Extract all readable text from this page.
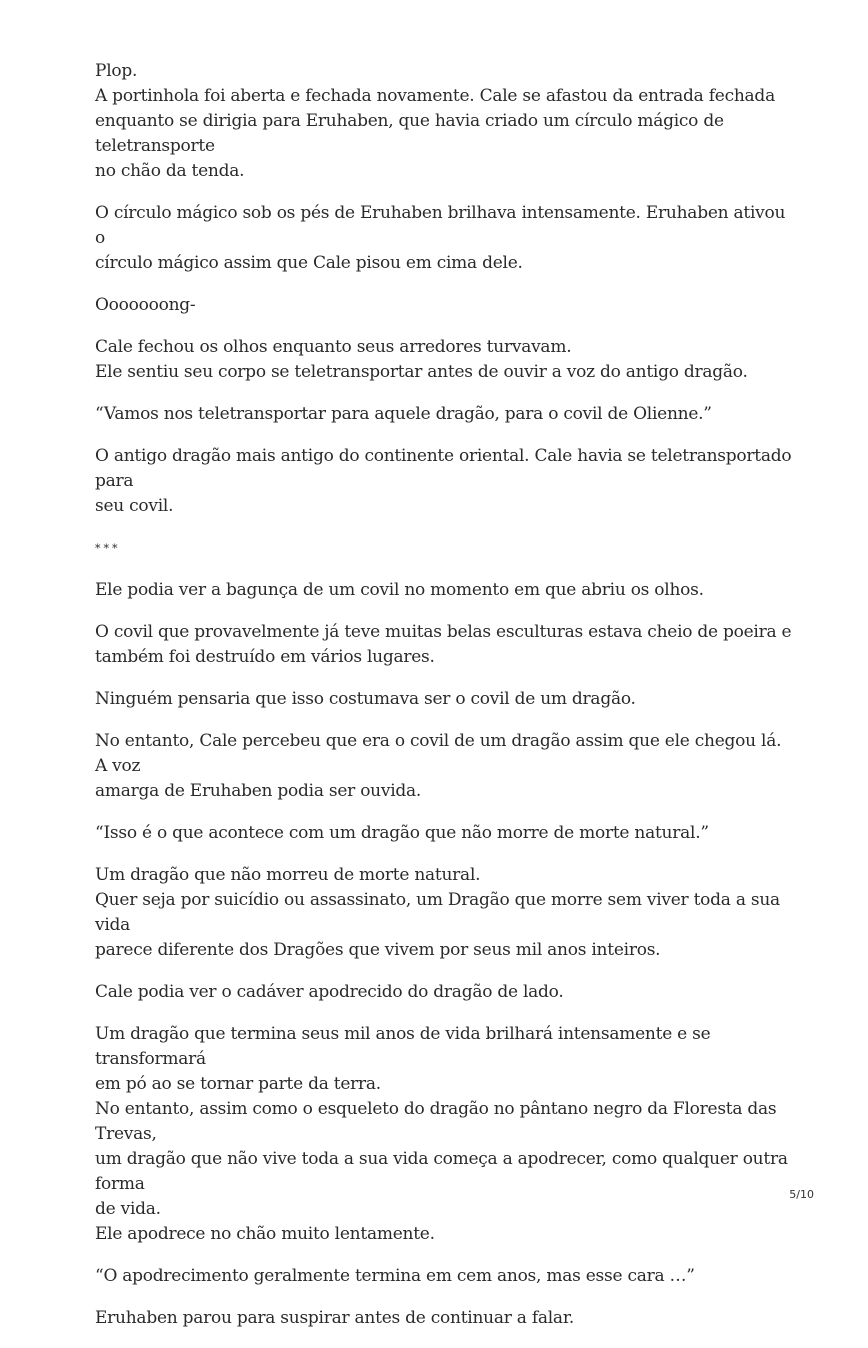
Plop.
A portinhola foi aberta e fechada novamente. Cale se afastou da entrada fechada
enquanto se dirigia para Eruhaben, que havia criado um círculo mágico de teletransporte
no chão da tenda.

O círculo mágico sob os pés de Eruhaben brilhava intensamente. Eruhaben ativou o
círculo mágico assim que Cale pisou em cima dele.

Ooooooong-

Cale fechou os olhos enquanto seus arredores turvavam.
Ele sentiu seu corpo se teletransportar antes de ouvir a voz do antigo dragão.

“Vamos nos teletransportar para aquele dragão, para o covil de Olienne.”

O antigo dragão mais antigo do continente oriental. Cale havia se teletransportado para
seu covil.

* * *

Ele podia ver a bagunça de um covil no momento em que abriu os olhos.

O covil que provavelmente já teve muitas belas esculturas estava cheio de poeira e
também foi destruído em vários lugares.

Ninguém pensaria que isso costumava ser o covil de um dragão.

No entanto, Cale percebeu que era o covil de um dragão assim que ele chegou lá. A voz
amarga de Eruhaben podia ser ouvida.

“Isso é o que acontece com um dragão que não morre de morte natural.”

Um dragão que não morreu de morte natural.
Quer seja por suicídio ou assassinato, um Dragão que morre sem viver toda a sua vida
parece diferente dos Dragões que vivem por seus mil anos inteiros.

Cale podia ver o cadáver apodrecido do dragão de lado.

Um dragão que termina seus mil anos de vida brilhará intensamente e se transformará
em pó ao se tornar parte da terra.
No entanto, assim como o esqueleto do dragão no pântano negro da Floresta das Trevas,
um dragão que não vive toda a sua vida começa a apodrecer, como qualquer outra forma
de vida.
Ele apodrece no chão muito lentamente.

“O apodrecimento geralmente termina em cem anos, mas esse cara …”

Eruhaben parou para suspirar antes de continuar a falar.

5/10
